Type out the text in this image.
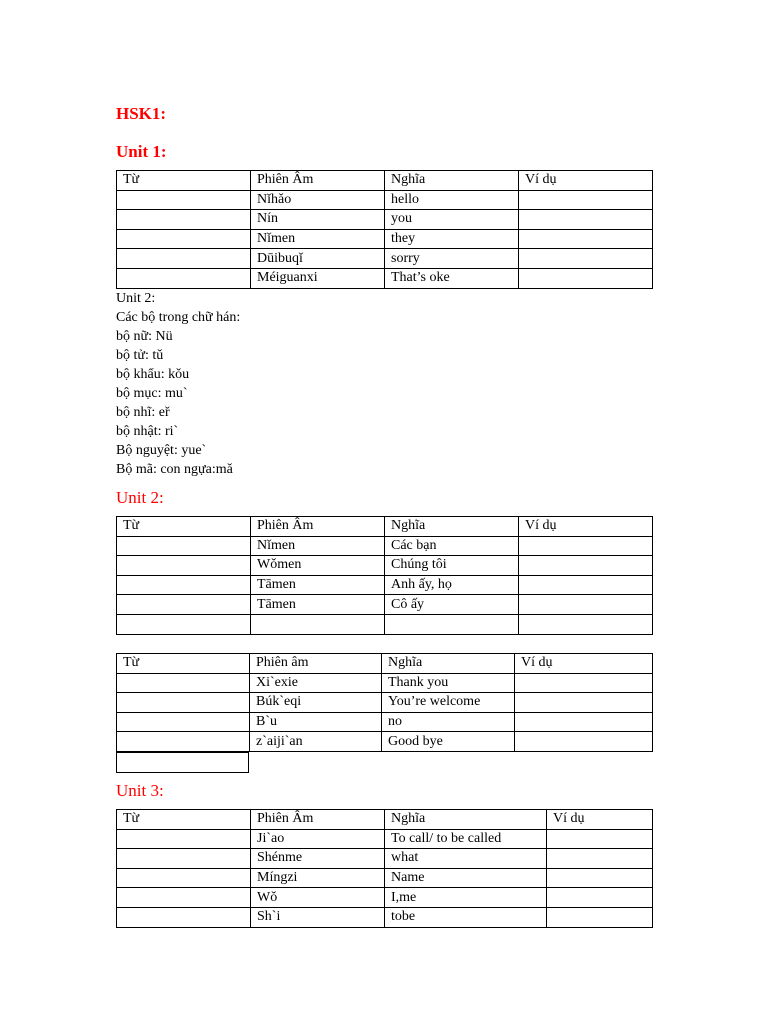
HSK1:
Unit 1:
Từ	Phiên Âm	Nghĩa	Ví dụ
	Nǐhǎo	hello	
	Nín	you	
	Nǐmen	they	
	Dūibuqǐ	sorry	
	Méiguanxi	That’s oke	
Unit 2:
Các bộ trong chữ hán:
bộ nữ: Nü
bộ tử: tǔ
bộ khẩu: kǒu
bộ mục: mu`
bộ nhĩ: eř
bộ nhật: ri`
Bộ nguyệt: yue`
Bộ mã: con ngựa:mǎ
Unit 2:
Từ	Phiên Âm	Nghĩa	Ví dụ
	Nǐmen	Các bạn	
	Wǒmen	Chúng tôi	
	Tāmen	Anh ấy, họ	
	Tāmen	Cô ấy	

Từ	Phiên âm	Nghĩa	Ví dụ
	Xi`exie	Thank you	
	Búk`eqi	You’re welcome	
	B`u	no	
	z`aiji`an	Good bye	
Unit 3:
Từ	Phiên Âm	Nghĩa	Ví dụ
	Ji`ao	To call/ to be called	
	Shénme	what	
	Míngzi	Name	
	Wǒ	I,me	
	Sh`i	tobe	
